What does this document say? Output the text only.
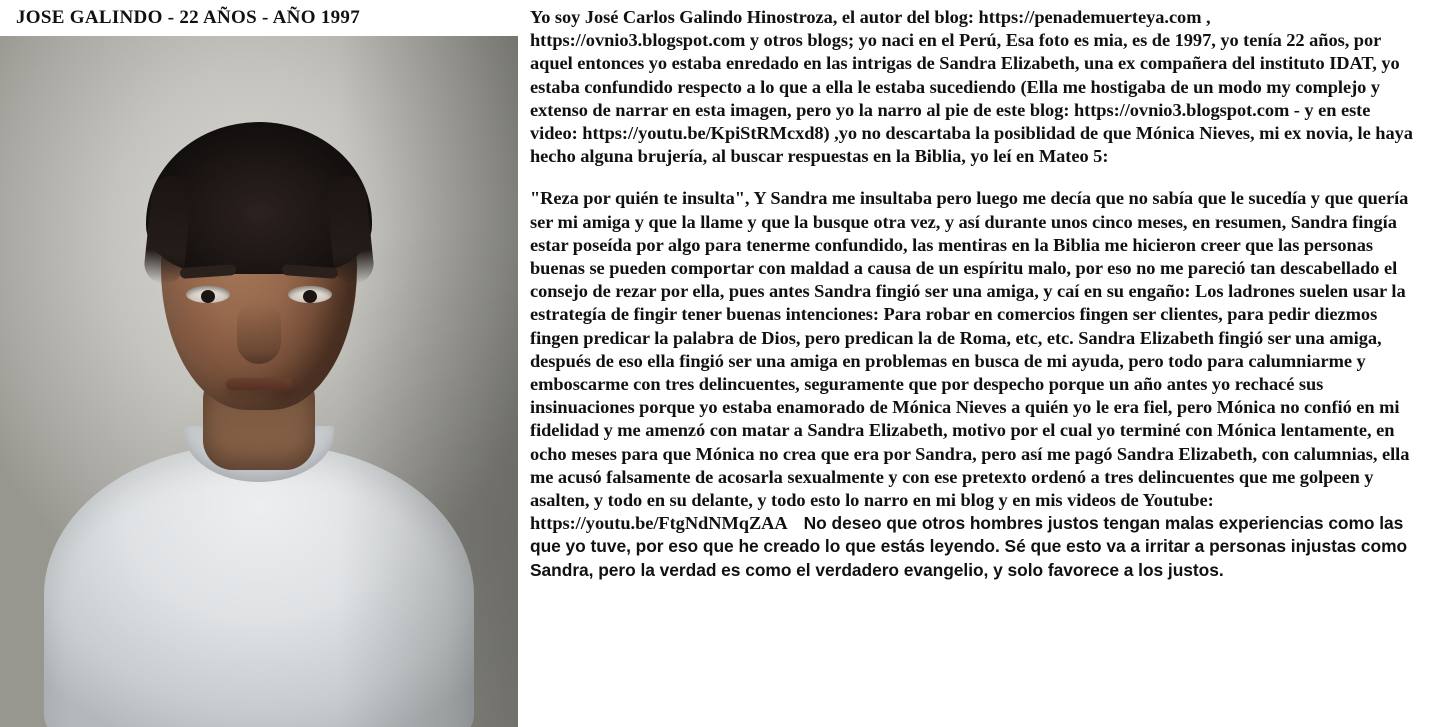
JOSE GALINDO - 22 AÑOS - AÑO 1997	Yo soy José Carlos Galindo Hinostroza, el autor del blog: https://penademuerteya.com , https://ovnio3.blogspot.com y otros blogs; yo naci en el Perú, Esa foto es mia, es de 1997, yo tenía 22 años, por aquel entonces yo estaba enredado en las intrigas de Sandra Elizabeth, una ex compañera del instituto IDAT, yo estaba confundido respecto a lo que a ella le estaba sucediendo (Ella me hostigaba de un modo my complejo y extenso de narrar en esta imagen, pero yo la narro al pie de este blog: https://ovnio3.blogspot.com - y en este video: https://youtu.be/KpiStRMcxd8) ,yo no descartaba la posiblidad de que Mónica Nieves, mi ex novia, le haya hecho alguna brujería, al buscar respuestas en la Biblia, yo leí en Mateo 5:

"Reza por quién te insulta", Y Sandra me insultaba pero luego me decía que no sabía que le sucedía y que quería ser mi amiga y que la llame y que la busque otra vez, y así durante unos cinco meses, en resumen, Sandra fingía estar poseída por algo para tenerme confundido, las mentiras en la Biblia me hicieron creer que las personas buenas se pueden comportar con maldad a causa de un espíritu malo, por eso no me pareció tan descabellado el consejo de rezar por ella, pues antes Sandra fingió ser una amiga, y caí en su engaño: Los ladrones suelen usar la estrategía de fingir tener buenas intenciones: Para robar en comercios fingen ser clientes, para pedir diezmos fingen predicar la palabra de Dios, pero predican la de Roma, etc, etc. Sandra Elizabeth fingió ser una amiga, después de eso ella fingió ser una amiga en problemas en busca de mi ayuda, pero todo para calumniarme y emboscarme con tres delincuentes, seguramente que por despecho porque un año antes yo rechacé sus insinuaciones porque yo estaba enamorado de Mónica Nieves a quién yo le era fiel, pero Mónica no confió en mi fidelidad y me amenzó con matar a Sandra Elizabeth, motivo por el cual yo terminé con Mónica lentamente, en ocho meses para que Mónica no crea que era por Sandra, pero así me pagó Sandra Elizabeth, con calumnias, ella me acusó falsamente de acosarla sexualmente y con ese pretexto ordenó a tres delincuentes que me golpeen y asalten, y todo en su delante, y todo esto lo narro en mi blog y en mis videos de Youtube: https://youtu.be/FtgNdNMqZAA No deseo que otros hombres justos tengan malas experiencias como las que yo tuve, por eso que he creado lo que estás leyendo. Sé que esto va a irritar a personas injustas como Sandra, pero la verdad es como el verdadero evangelio, y solo favorece a los justos.
